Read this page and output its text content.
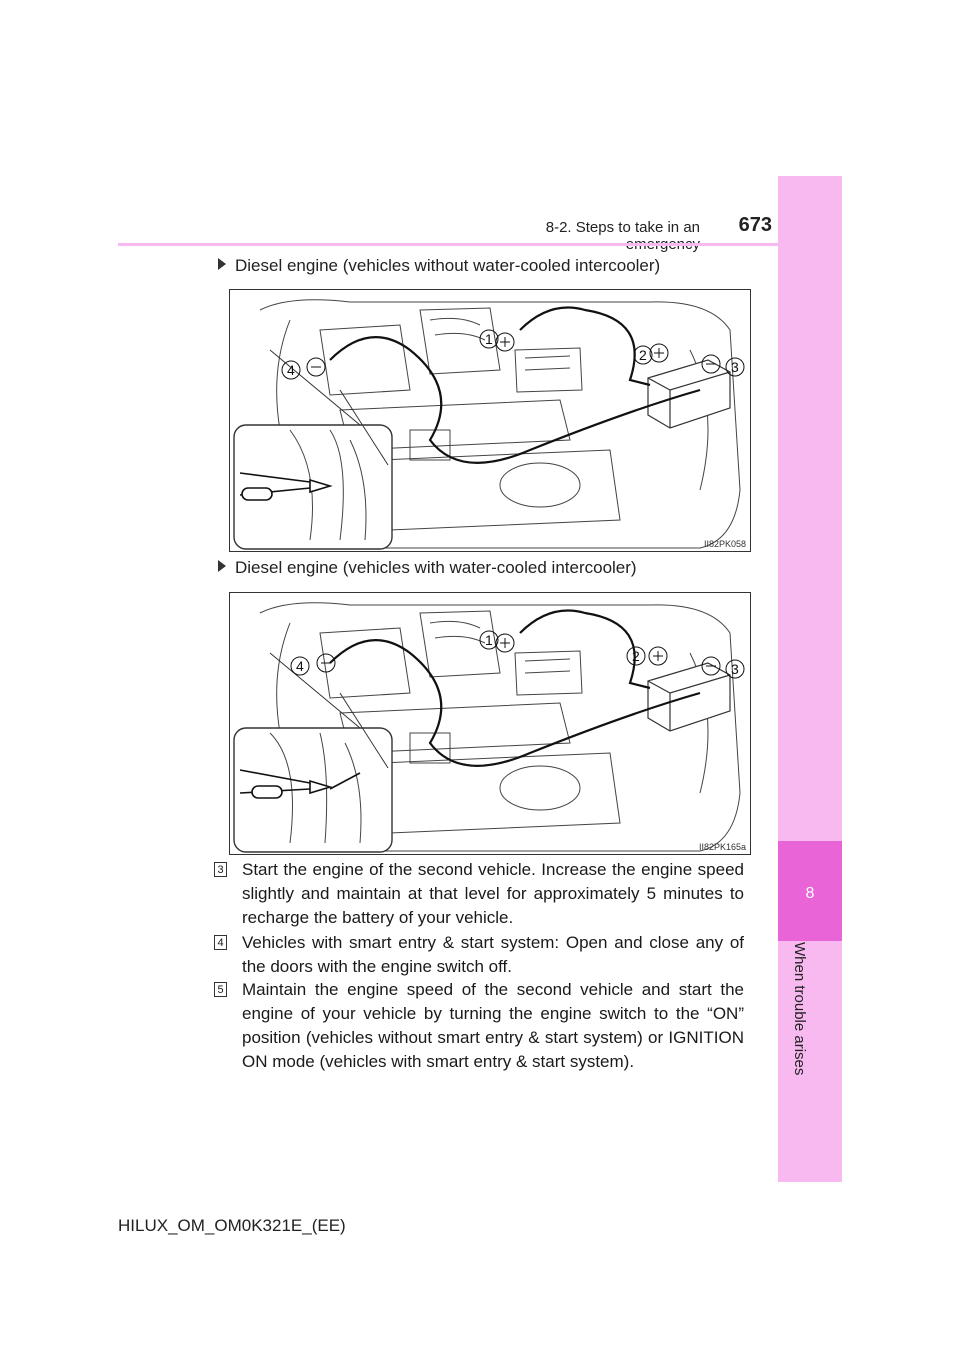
8
When trouble arises
8-2. Steps to take in an	673
Diesel engine (vehicles without water-cooled intercooler)
1
2
3
4
II82PK058
Diesel engine (vehicles with water-cooled intercooler)
1
2
3
4
II82PK165a
3 Start the engine of the second vehicle. Increase the engine speed slightly and maintain at that level for approximately 5 minutes to recharge the battery of your vehicle.
4 Vehicles with smart entry & start system: Open and close any of the doors with the engine switch off.
5 Maintain the engine speed of the second vehicle and start the engine of your vehicle by turning the engine switch to the “ON” position (vehicles without smart entry & start system) or IGNITION ON mode (vehicles with smart entry & start system).
HILUX_OM_OM0K321E_(EE)
